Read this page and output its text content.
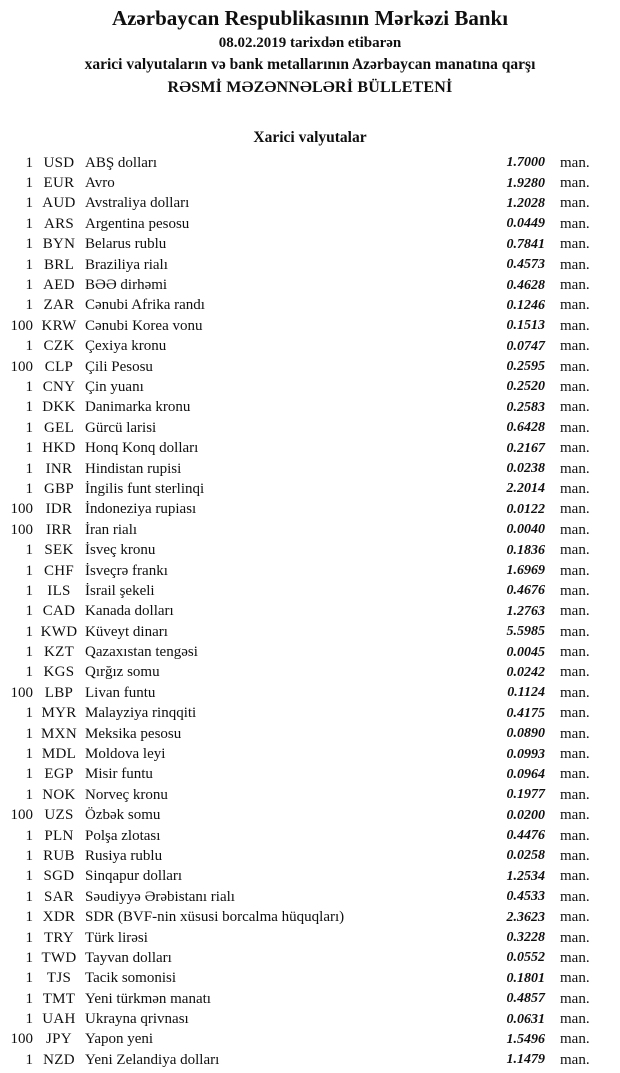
Azərbaycan Respublikasının Mərkəzi Bankı
08.02.2019 tarixdən etibarən
xarici valyutaların və bank metallarının Azərbaycan manatına qarşı
RƏSMİ MƏZƏNNƏLƏRİ BÜLLETENİ
Xarici valyutalar
1 USD ABŞ dolları	1.7000	man.
1 EUR Avro	1.9280	man.
1 AUD Avstraliya dolları	1.2028	man.
1 ARS Argentina pesosu	0.0449	man.
1 BYN Belarus rublu	0.7841	man.
1 BRL Braziliya rialı	0.4573	man.
1 AED BƏƏ dirhəmi	0.4628	man.
1 ZAR Cənubi Afrika randı	0.1246	man.
100 KRW Cənubi Korea vonu	0.1513	man.
1 CZK Çexiya kronu	0.0747	man.
100 CLP Çili Pesosu	0.2595	man.
1 CNY Çin yuanı	0.2520	man.
1 DKK Danimarka kronu	0.2583	man.
1 GEL Gürcü larisi	0.6428	man.
1 HKD Honq Konq dolları	0.2167	man.
1 INR Hindistan rupisi	0.0238	man.
1 GBP İngilis funt sterlinqi	2.2014	man.
100 IDR İndoneziya rupiası	0.0122	man.
100 IRR İran rialı	0.0040	man.
1 SEK İsveç kronu	0.1836	man.
1 CHF İsveçrə frankı	1.6969	man.
1 ILS İsrail şekeli	0.4676	man.
1 CAD Kanada dolları	1.2763	man.
1 KWD Küveyt dinarı	5.5985	man.
1 KZT Qazaxıstan tengəsi	0.0045	man.
1 KGS Qırğız somu	0.0242	man.
100 LBP Livan funtu	0.1124	man.
1 MYR Malayziya rinqqiti	0.4175	man.
1 MXN Meksika pesosu	0.0890	man.
1 MDL Moldova leyi	0.0993	man.
1 EGP Misir funtu	0.0964	man.
1 NOK Norveç kronu	0.1977	man.
100 UZS Özbək somu	0.0200	man.
1 PLN Polşa zlotası	0.4476	man.
1 RUB Rusiya rublu	0.0258	man.
1 SGD Sinqapur dolları	1.2534	man.
1 SAR Səudiyyə Ərəbistanı rialı	0.4533	man.
1 XDR SDR (BVF-nin xüsusi borcalma hüquqları)	2.3623	man.
1 TRY Türk lirəsi	0.3228	man.
1 TWD Tayvan dolları	0.0552	man.
1 TJS Tacik somonisi	0.1801	man.
1 TMT Yeni türkmən manatı	0.4857	man.
1 UAH Ukrayna qrivnası	0.0631	man.
100 JPY Yapon yeni	1.5496	man.
1 NZD Yeni Zelandiya dolları	1.1479	man.
